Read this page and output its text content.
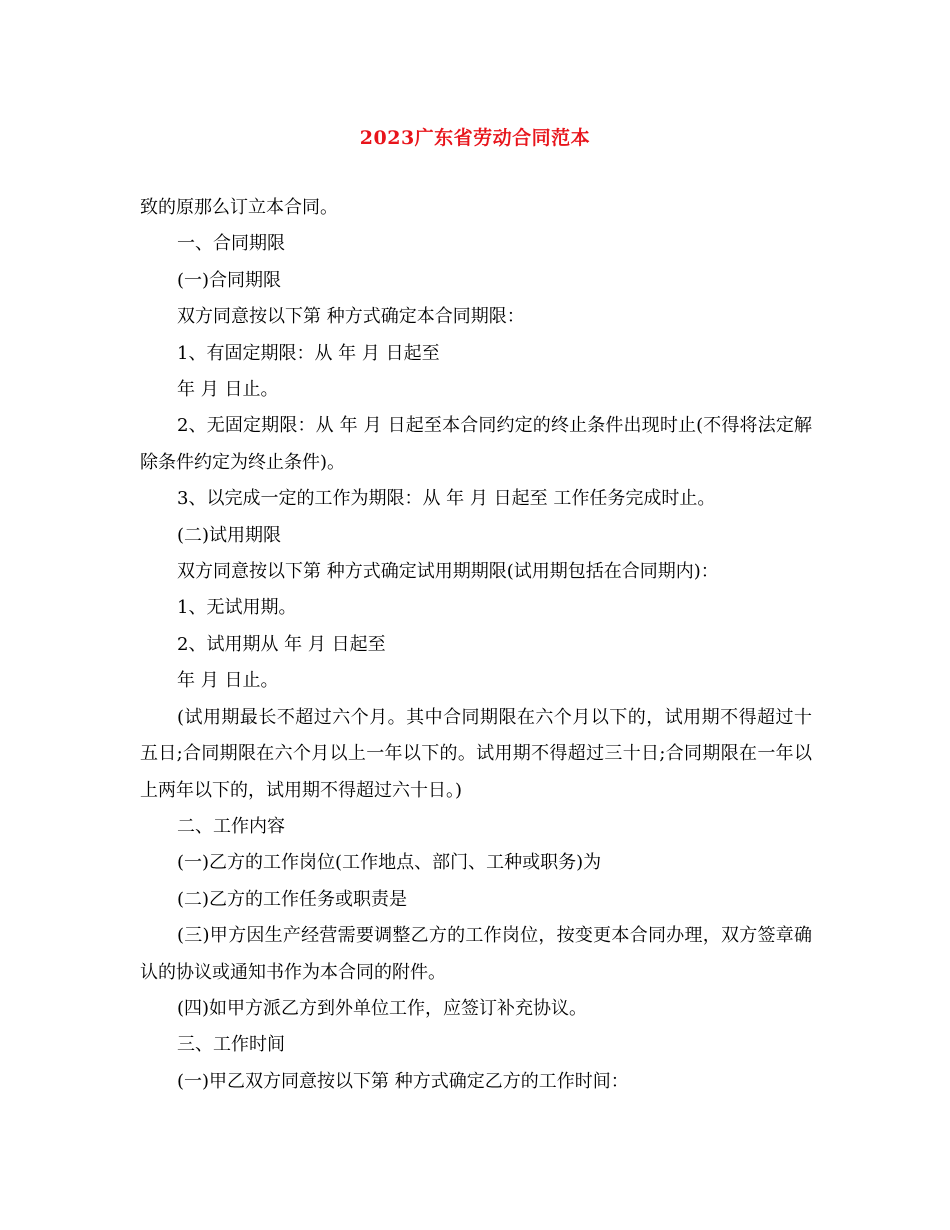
2023广东省劳动合同范本

致的原那么订立本合同。

一、合同期限

(一)合同期限

双方同意按以下第 种方式确定本合同期限：

1、有固定期限：从 年 月 日起至

年 月 日止。

2、无固定期限：从 年 月 日起至本合同约定的终止条件出现时止(不得将法定解除条件约定为终止条件)。

3、以完成一定的工作为期限：从 年 月 日起至 工作任务完成时止。

(二)试用期限

双方同意按以下第 种方式确定试用期期限(试用期包括在合同期内)：

1、无试用期。

2、试用期从 年 月 日起至

年 月 日止。

(试用期最长不超过六个月。其中合同期限在六个月以下的，试用期不得超过十五日;合同期限在六个月以上一年以下的。试用期不得超过三十日;合同期限在一年以上两年以下的，试用期不得超过六十日。)

二、工作内容

(一)乙方的工作岗位(工作地点、部门、工种或职务)为

(二)乙方的工作任务或职责是

(三)甲方因生产经营需要调整乙方的工作岗位，按变更本合同办理，双方签章确认的协议或通知书作为本合同的附件。

(四)如甲方派乙方到外单位工作，应签订补充协议。

三、工作时间

(一)甲乙双方同意按以下第 种方式确定乙方的工作时间：
